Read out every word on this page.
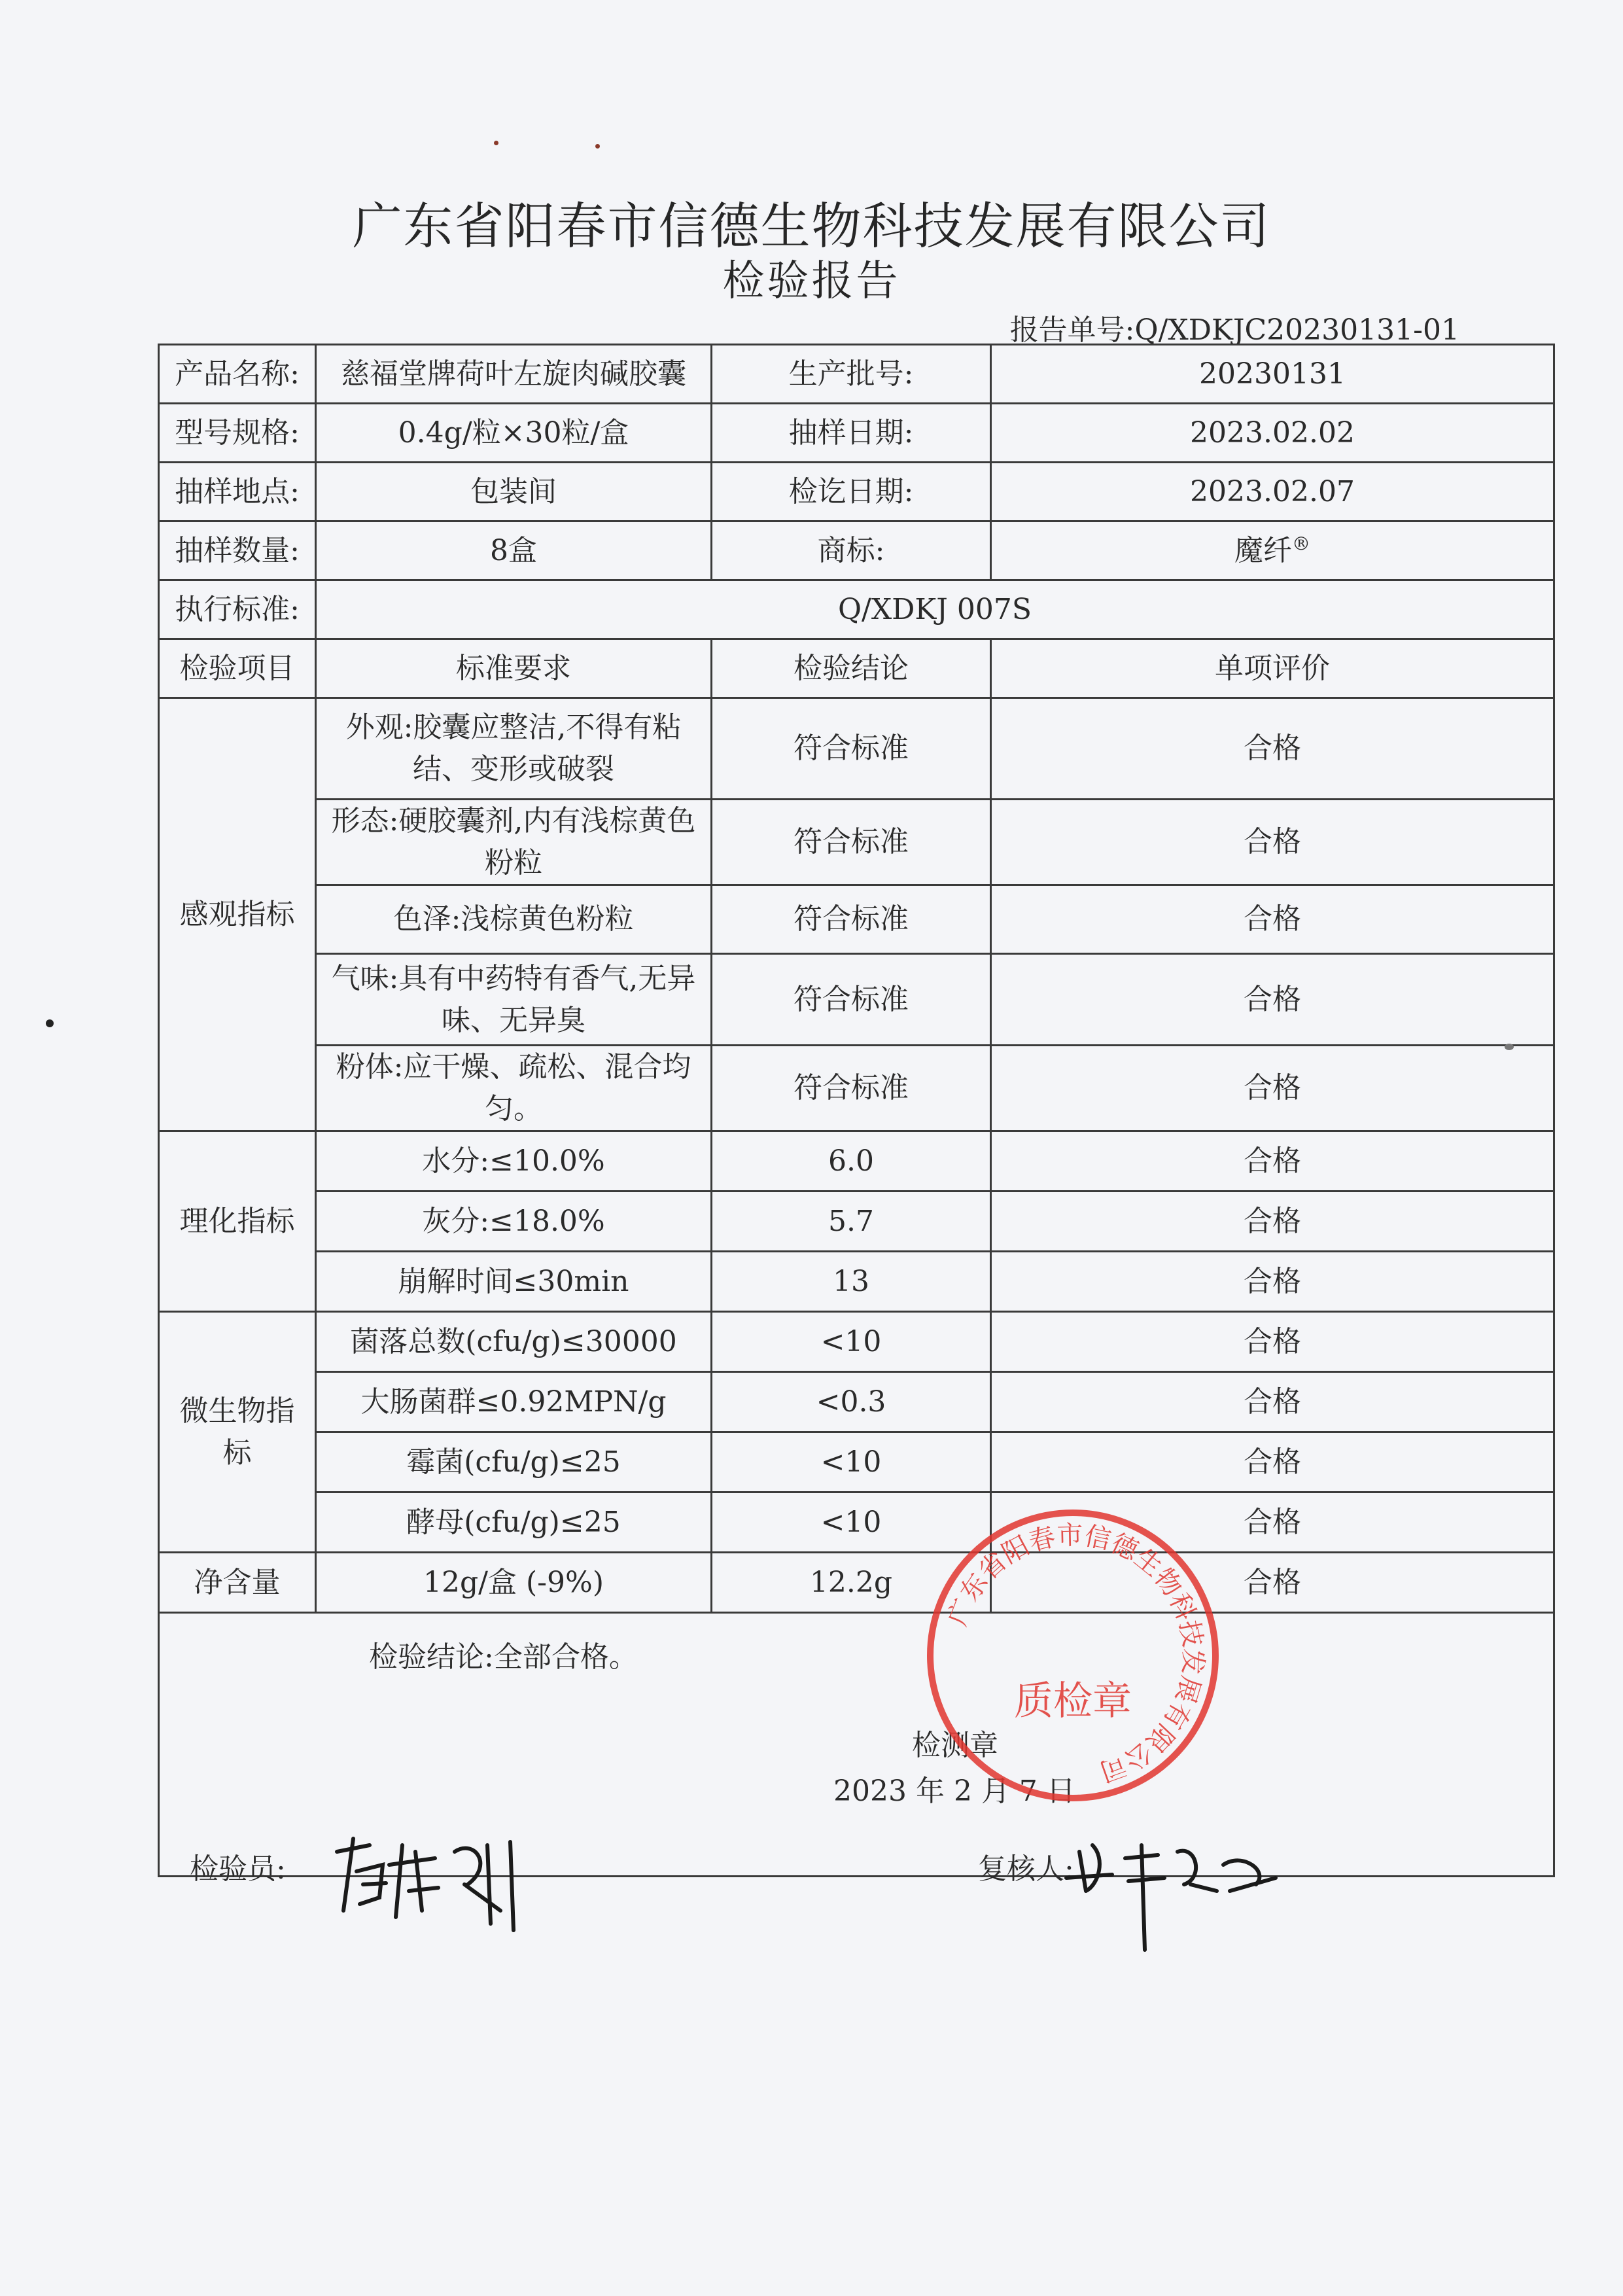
广东省阳春市信德生物科技发展有限公司
检验报告
报告单号:Q/XDKJC20230131-01
产品名称:	慈福堂牌荷叶左旋肉碱胶囊	生产批号:	20230131
型号规格:	0.4g/粒×30粒/盒	抽样日期:	2023.02.02
抽样地点:	包装间	检讫日期:	2023.02.07
抽样数量:	8盒	商标:	魔纤®
执行标准:	Q/XDKJ 007S		
检验项目	标准要求	检验结论	单项评价
感观指标	外观:胶囊应整洁,不得有粘结、变形或破裂	符合标准	合格
	形态:硬胶囊剂,内有浅棕黄色粉粒	符合标准	合格
	色泽:浅棕黄色粉粒	符合标准	合格
	气味:具有中药特有香气,无异味、无异臭	符合标准	合格
	粉体:应干燥、疏松、混合均匀。	符合标准	合格
理化指标	水分:≤10.0%	6.0	合格
	灰分:≤18.0%	5.7	合格
	崩解时间≤30min	13	合格
微生物指标	菌落总数(cfu/g)≤30000	<10	合格
	大肠菌群≤0.92MPN/g	<0.3	合格
	霉菌(cfu/g)≤25	<10	合格
	酵母(cfu/g)≤25	<10	合格
净含量	12g/盒 (-9%)	12.2g	合格

检验结论:全部合格。
检测章
2023 年 2 月 7 日			
广东省阳春市信德生物科技发展有限公司
质检章
检验员:	复核人:
